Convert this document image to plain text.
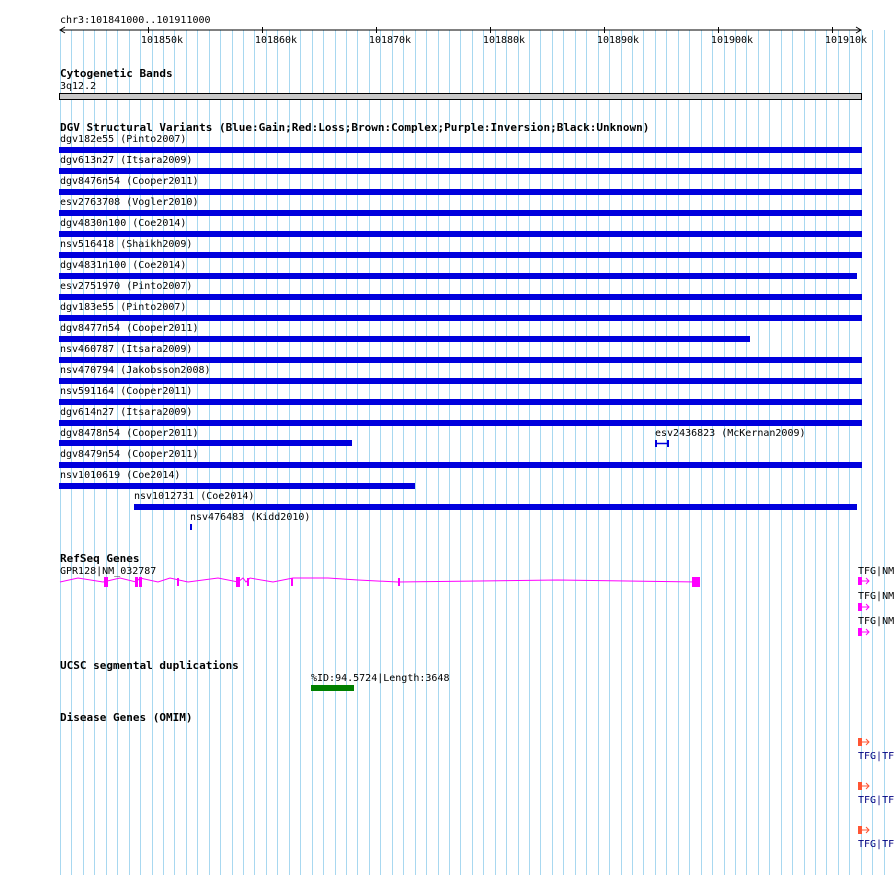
chr3:101841000..101911000
101850k	101860k	101870k	101880k	101890k	101900k	101910k
Cytogenetic Bands
3q12.2
DGV Structural Variants (Blue:Gain;Red:Loss;Brown:Complex;Purple:Inversion;Black:Unknown)
dgv182e55 (Pinto2007)
dgv613n27 (Itsara2009)
dgv8476n54 (Cooper2011)
esv2763708 (Vogler2010)
dgv4830n100 (Coe2014)
nsv516418 (Shaikh2009)
dgv4831n100 (Coe2014)
esv2751970 (Pinto2007)
dgv183e55 (Pinto2007)
dgv8477n54 (Cooper2011)
nsv460787 (Itsara2009)
nsv470794 (Jakobsson2008)
nsv591164 (Cooper2011)
dgv614n27 (Itsara2009)
dgv8478n54 (Cooper2011)	esv2436823 (McKernan2009)
dgv8479n54 (Cooper2011)
nsv1010619 (Coe2014)
nsv1012731 (Coe2014)
nsv476483 (Kidd2010)
RefSeq Genes
GPR128|NM_032787	TFG|NM
TFG|NM
TFG|NM
UCSC segmental duplications
%ID:94.5724|Length:3648
Disease Genes (OMIM)
TFG|TF
TFG|TF
TFG|TF
